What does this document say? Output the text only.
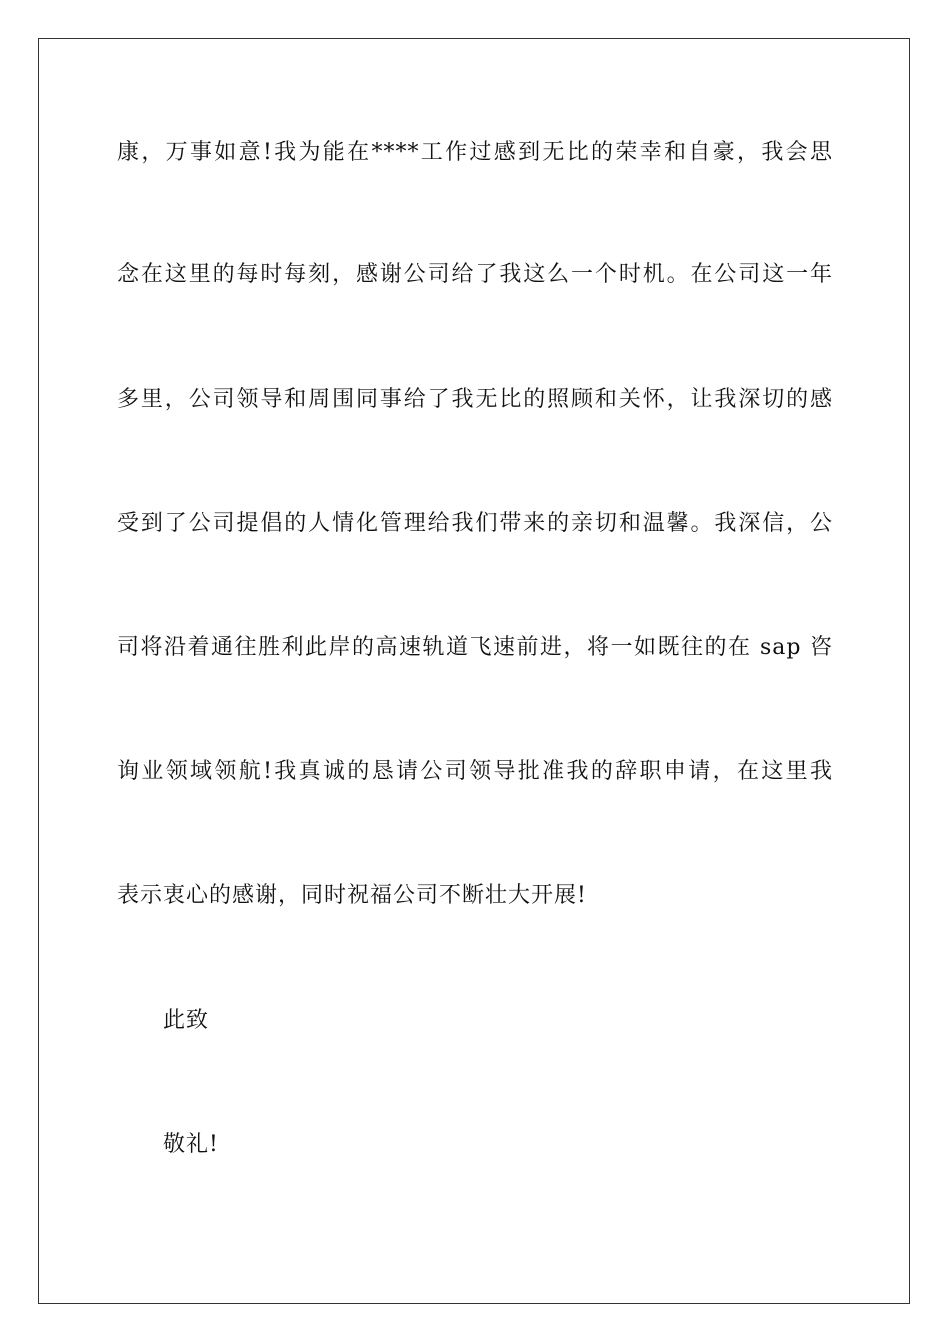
康，万事如意!我为能在****工作过感到无比的荣幸和自豪，我会思
念在这里的每时每刻，感谢公司给了我这么一个时机。在公司这一年
多里，公司领导和周围同事给了我无比的照顾和关怀，让我深切的感
受到了公司提倡的人情化管理给我们带来的亲切和温馨。我深信，公
司将沿着通往胜利此岸的高速轨道飞速前进，将一如既往的在 sap 咨
询业领域领航!我真诚的恳请公司领导批准我的辞职申请，在这里我
表示衷心的感谢，同时祝福公司不断壮大开展!
此致
敬礼!
